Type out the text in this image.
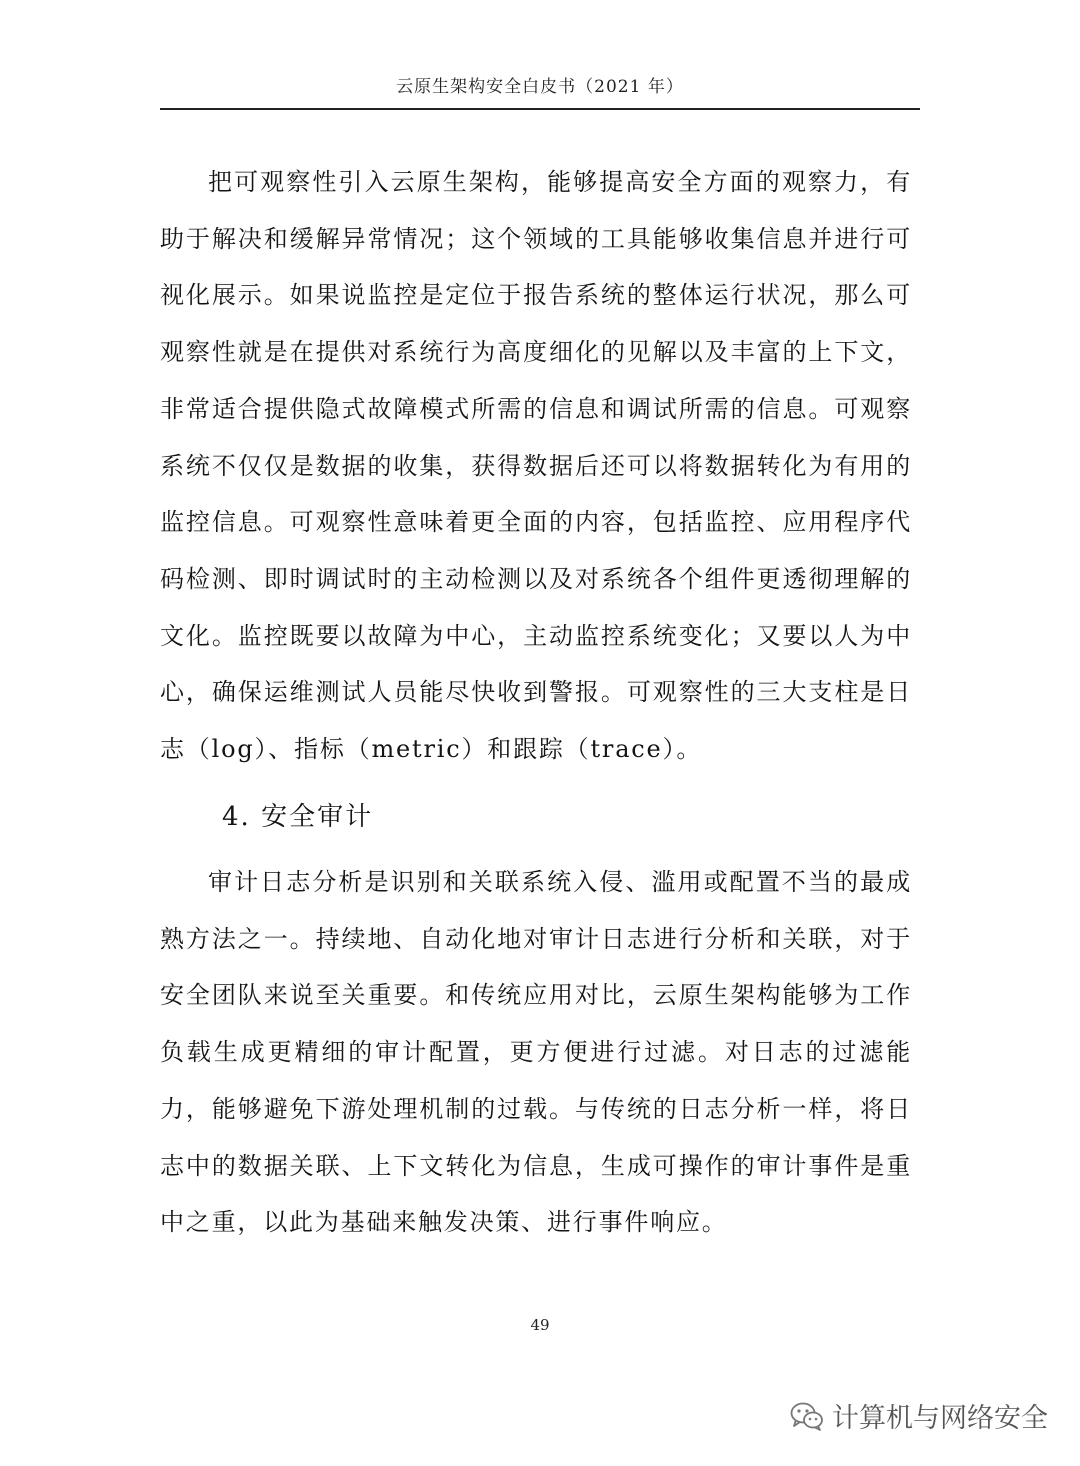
云原生架构安全白皮书（2021 年）

把可观察性引入云原生架构，能够提高安全方面的观察力，有助于解决和缓解异常情况；这个领域的工具能够收集信息并进行可视化展示。如果说监控是定位于报告系统的整体运行状况，那么可观察性就是在提供对系统行为高度细化的见解以及丰富的上下文，非常适合提供隐式故障模式所需的信息和调试所需的信息。可观察系统不仅仅是数据的收集，获得数据后还可以将数据转化为有用的监控信息。可观察性意味着更全面的内容，包括监控、应用程序代码检测、即时调试时的主动检测以及对系统各个组件更透彻理解的文化。监控既要以故障为中心，主动监控系统变化；又要以人为中心，确保运维测试人员能尽快收到警报。可观察性的三大支柱是日志（log）、指标（metric）和跟踪（trace）。

4. 安全审计

审计日志分析是识别和关联系统入侵、滥用或配置不当的最成熟方法之一。持续地、自动化地对审计日志进行分析和关联，对于安全团队来说至关重要。和传统应用对比，云原生架构能够为工作负载生成更精细的审计配置，更方便进行过滤。对日志的过滤能力，能够避免下游处理机制的过载。与传统的日志分析一样，将日志中的数据关联、上下文转化为信息，生成可操作的审计事件是重中之重，以此为基础来触发决策、进行事件响应。

49
计算机与网络安全
